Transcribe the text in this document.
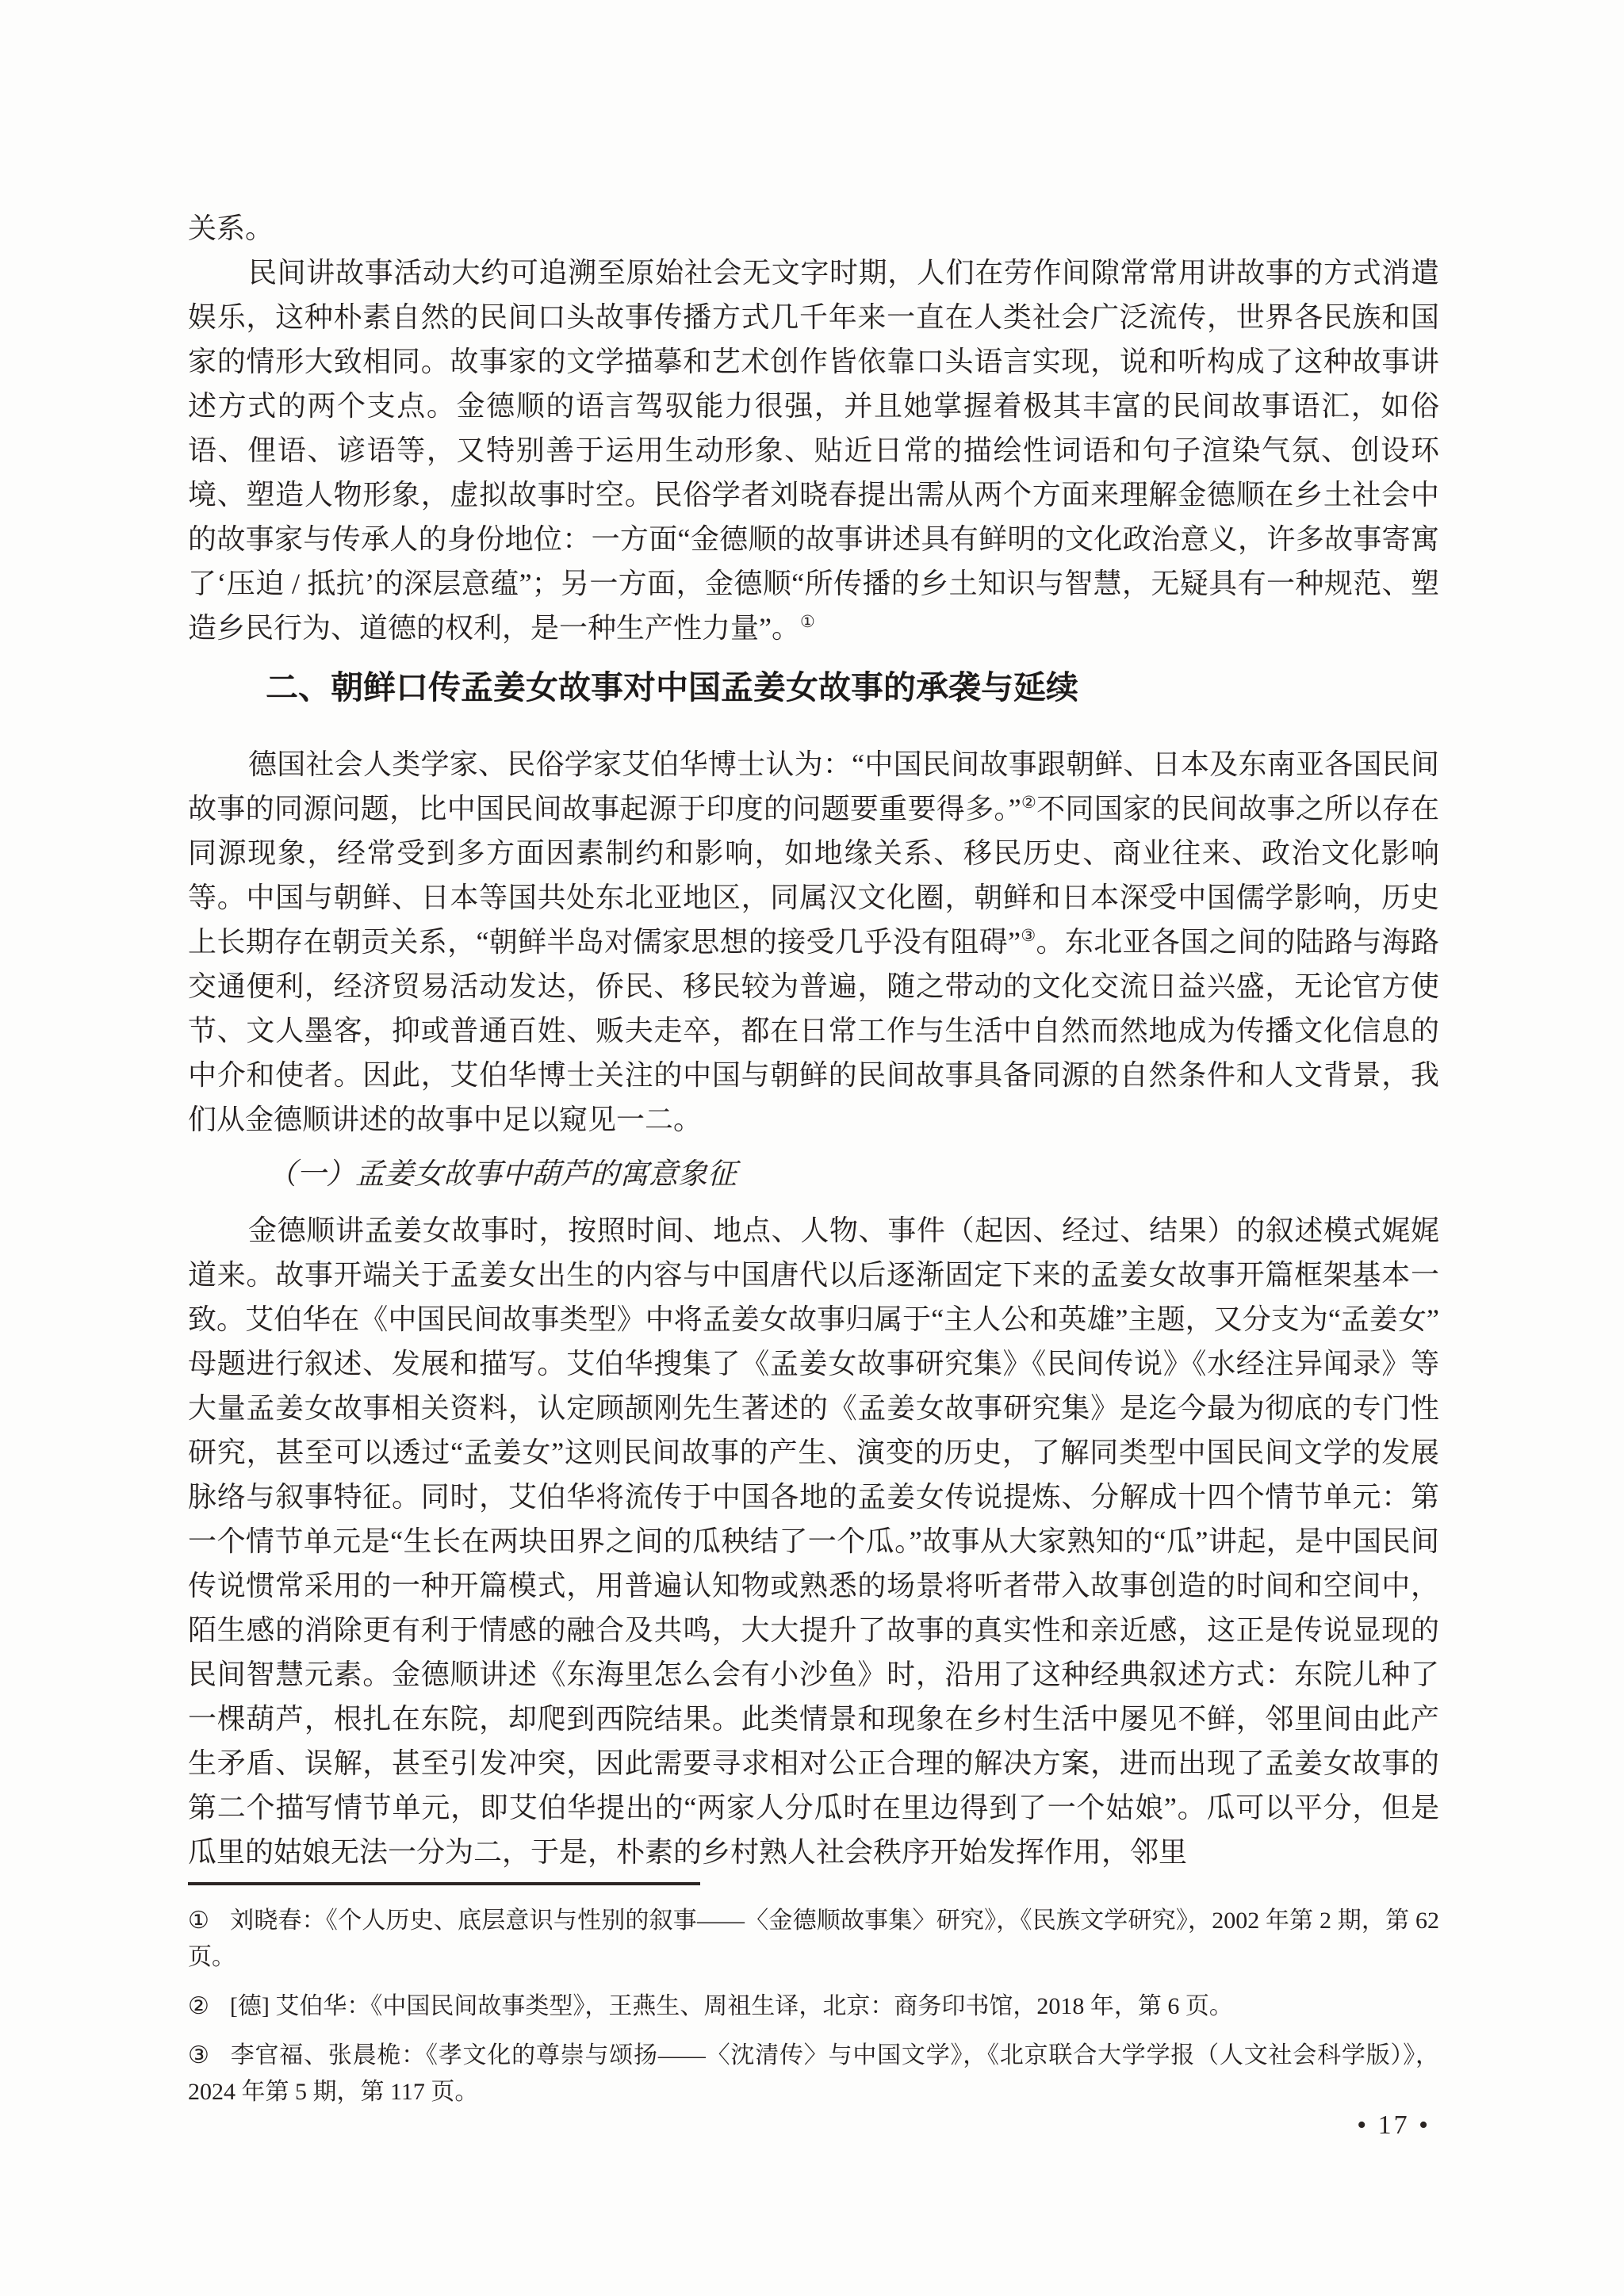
关系。

民间讲故事活动大约可追溯至原始社会无文字时期，人们在劳作间隙常常用讲故事的方式消遣娱乐，这种朴素自然的民间口头故事传播方式几千年来一直在人类社会广泛流传，世界各民族和国家的情形大致相同。故事家的文学描摹和艺术创作皆依靠口头语言实现，说和听构成了这种故事讲述方式的两个支点。金德顺的语言驾驭能力很强，并且她掌握着极其丰富的民间故事语汇，如俗语、俚语、谚语等，又特别善于运用生动形象、贴近日常的描绘性词语和句子渲染气氛、创设环境、塑造人物形象，虚拟故事时空。民俗学者刘晓春提出需从两个方面来理解金德顺在乡土社会中的故事家与传承人的身份地位：一方面“金德顺的故事讲述具有鲜明的文化政治意义，许多故事寄寓了‘压迫 / 抵抗’的深层意蕴”；另一方面，金德顺“所传播的乡土知识与智慧，无疑具有一种规范、塑造乡民行为、道德的权利，是一种生产性力量”。①

二、朝鲜口传孟姜女故事对中国孟姜女故事的承袭与延续

德国社会人类学家、民俗学家艾伯华博士认为：“中国民间故事跟朝鲜、日本及东南亚各国民间故事的同源问题，比中国民间故事起源于印度的问题要重要得多。”②不同国家的民间故事之所以存在同源现象，经常受到多方面因素制约和影响，如地缘关系、移民历史、商业往来、政治文化影响等。中国与朝鲜、日本等国共处东北亚地区，同属汉文化圈，朝鲜和日本深受中国儒学影响，历史上长期存在朝贡关系，“朝鲜半岛对儒家思想的接受几乎没有阻碍”③。东北亚各国之间的陆路与海路交通便利，经济贸易活动发达，侨民、移民较为普遍，随之带动的文化交流日益兴盛，无论官方使节、文人墨客，抑或普通百姓、贩夫走卒，都在日常工作与生活中自然而然地成为传播文化信息的中介和使者。因此，艾伯华博士关注的中国与朝鲜的民间故事具备同源的自然条件和人文背景，我们从金德顺讲述的故事中足以窥见一二。

（一）孟姜女故事中葫芦的寓意象征

金德顺讲孟姜女故事时，按照时间、地点、人物、事件（起因、经过、结果）的叙述模式娓娓道来。故事开端关于孟姜女出生的内容与中国唐代以后逐渐固定下来的孟姜女故事开篇框架基本一致。艾伯华在《中国民间故事类型》中将孟姜女故事归属于“主人公和英雄”主题，又分支为“孟姜女”母题进行叙述、发展和描写。艾伯华搜集了《孟姜女故事研究集》《民间传说》《水经注异闻录》等大量孟姜女故事相关资料，认定顾颉刚先生著述的《孟姜女故事研究集》是迄今最为彻底的专门性研究，甚至可以透过“孟姜女”这则民间故事的产生、演变的历史，了解同类型中国民间文学的发展脉络与叙事特征。同时，艾伯华将流传于中国各地的孟姜女传说提炼、分解成十四个情节单元：第一个情节单元是“生长在两块田界之间的瓜秧结了一个瓜。”故事从大家熟知的“瓜”讲起，是中国民间传说惯常采用的一种开篇模式，用普遍认知物或熟悉的场景将听者带入故事创造的时间和空间中，陌生感的消除更有利于情感的融合及共鸣，大大提升了故事的真实性和亲近感，这正是传说显现的民间智慧元素。金德顺讲述《东海里怎么会有小沙鱼》时，沿用了这种经典叙述方式：东院儿种了一棵葫芦，根扎在东院，却爬到西院结果。此类情景和现象在乡村生活中屡见不鲜，邻里间由此产生矛盾、误解，甚至引发冲突，因此需要寻求相对公正合理的解决方案，进而出现了孟姜女故事的第二个描写情节单元，即艾伯华提出的“两家人分瓜时在里边得到了一个姑娘”。瓜可以平分，但是瓜里的姑娘无法一分为二，于是，朴素的乡村熟人社会秩序开始发挥作用，邻里

① 刘晓春：《个人历史、底层意识与性别的叙事——〈金德顺故事集〉研究》，《民族文学研究》，2002 年第 2 期，第 62 页。
② [德] 艾伯华：《中国民间故事类型》，王燕生、周祖生译，北京：商务印书馆，2018 年，第 6 页。
③ 李官福、张晨桅：《孝文化的尊崇与颂扬——〈沈清传〉与中国文学》，《北京联合大学学报（人文社会科学版）》，2024 年第 5 期，第 117 页。
• 17 •
